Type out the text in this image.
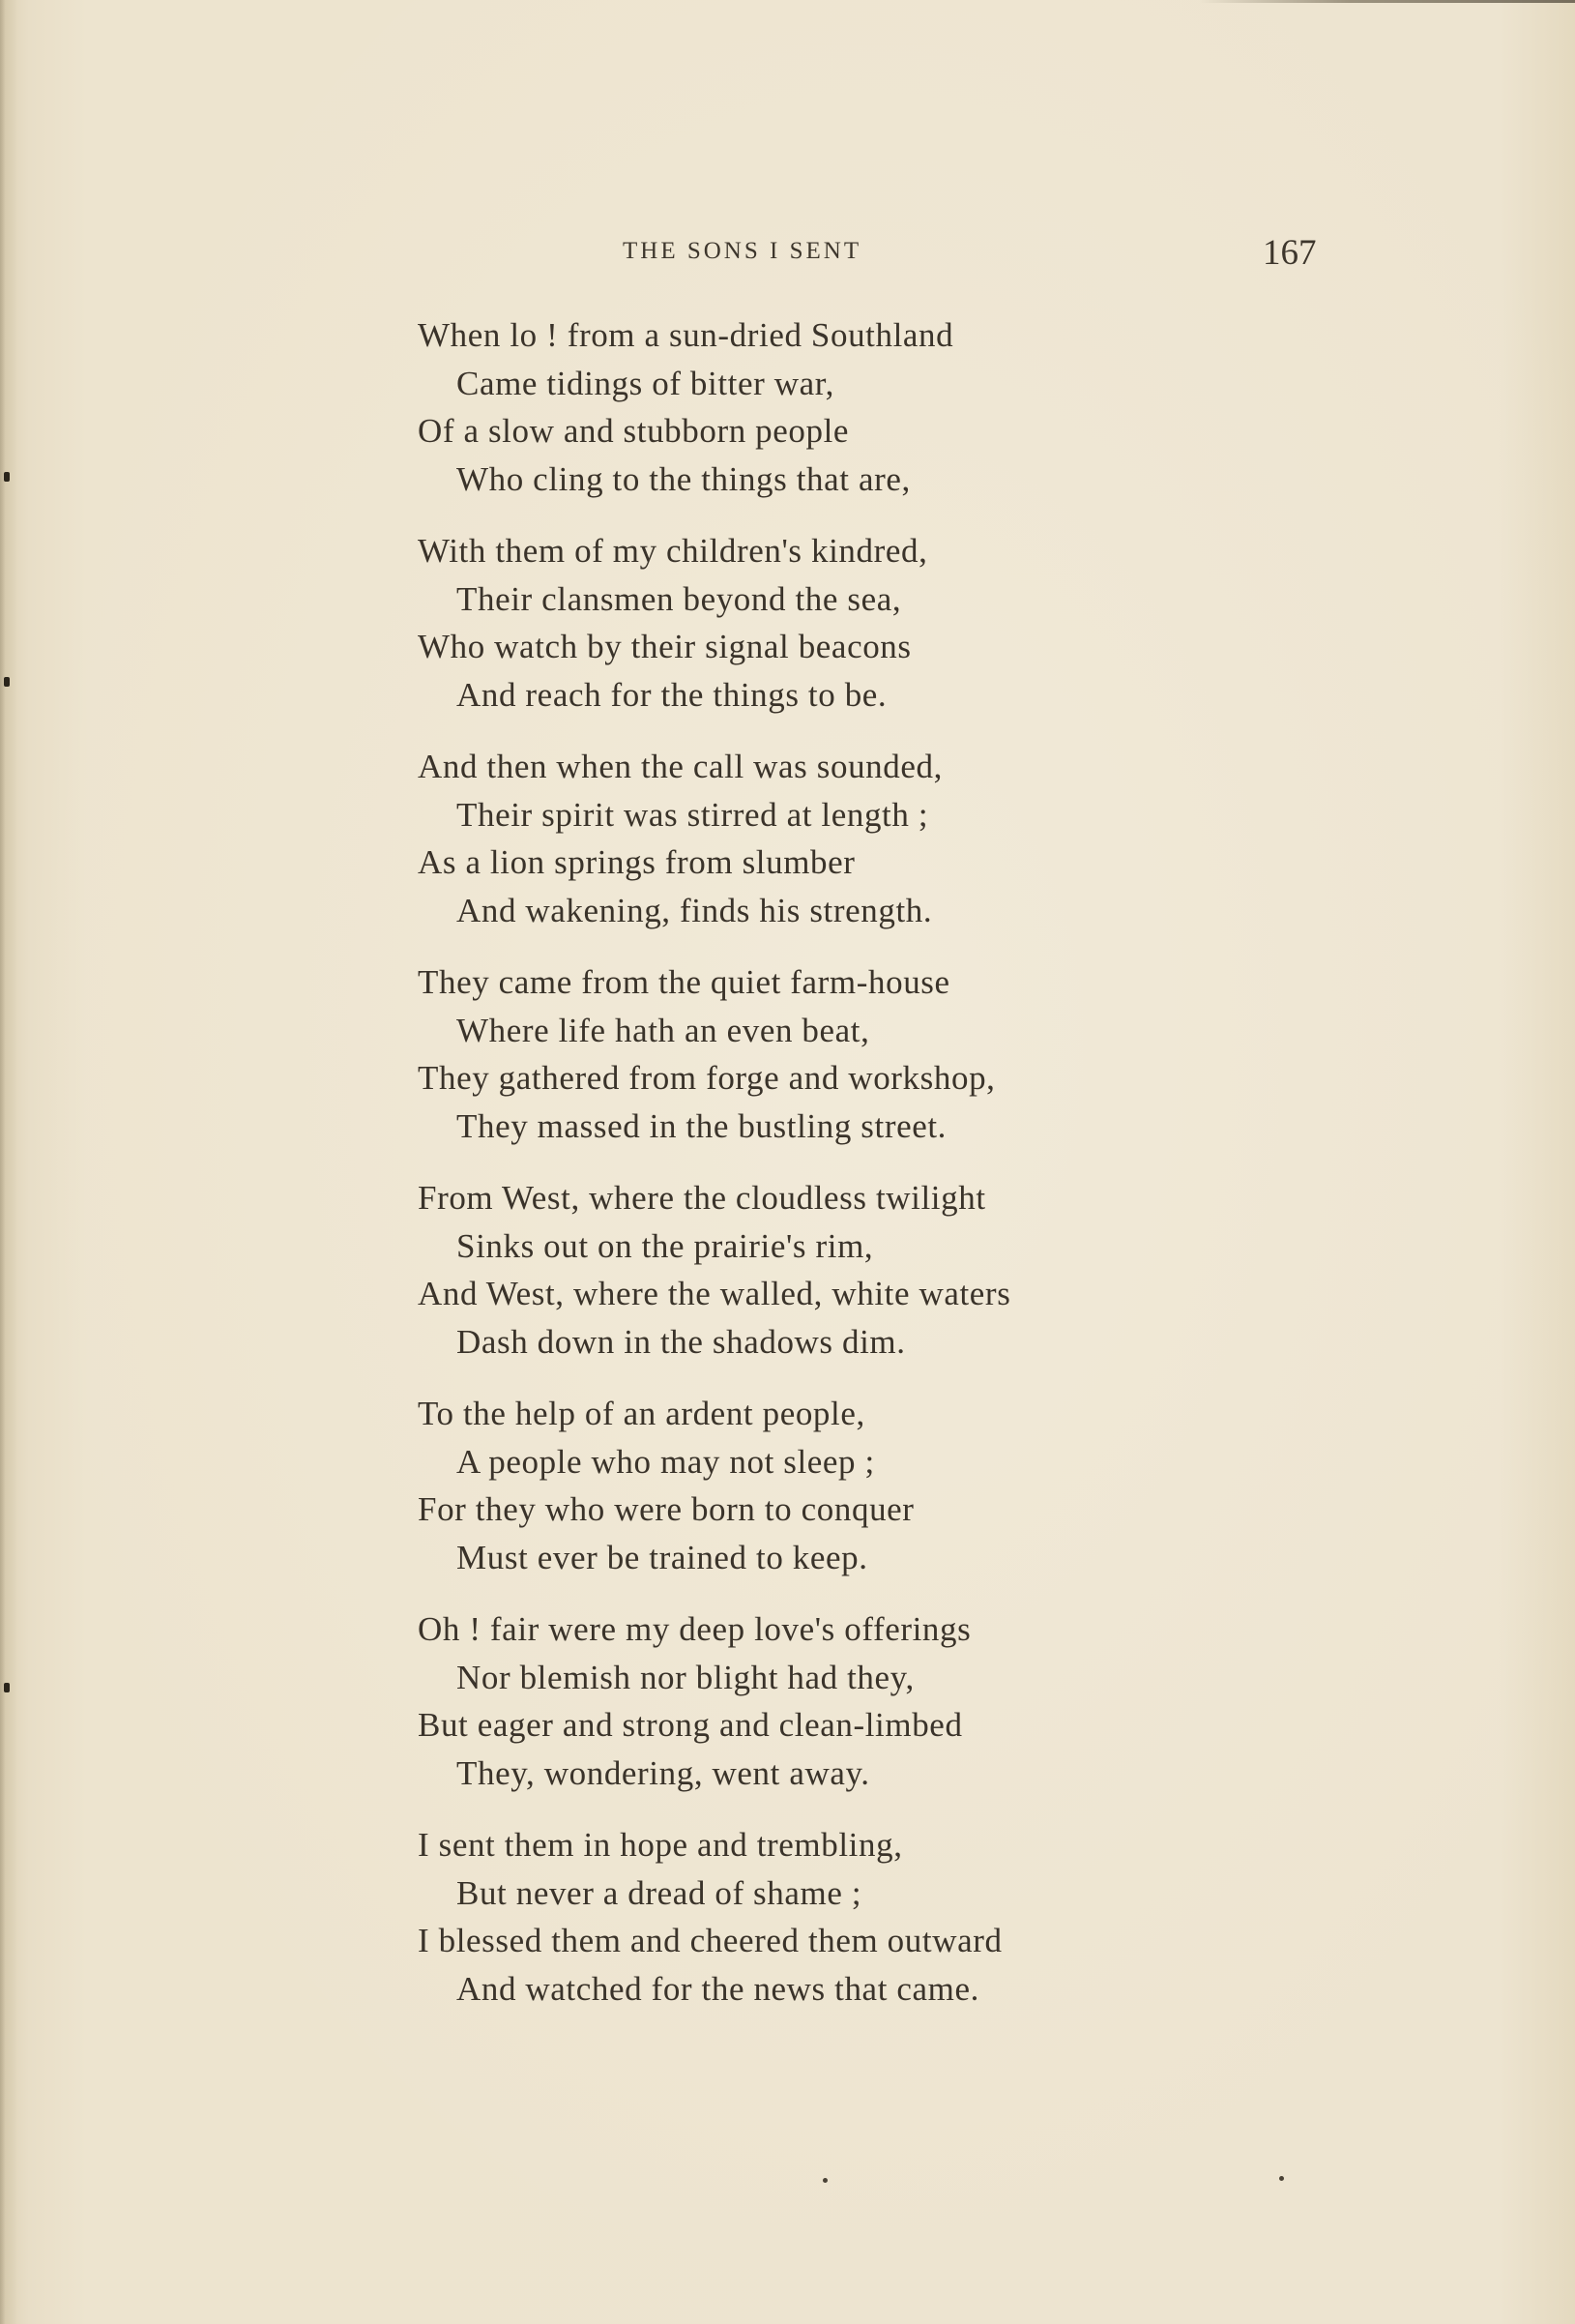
THE SONS I SENT	167
When lo ! from a sun-dried Southland
Came tidings of bitter war,
Of a slow and stubborn people
Who cling to the things that are,
With them of my children's kindred,
Their clansmen beyond the sea,
Who watch by their signal beacons
And reach for the things to be.
And then when the call was sounded,
Their spirit was stirred at length ;
As a lion springs from slumber
And wakening, finds his strength.
They came from the quiet farm-house
Where life hath an even beat,
They gathered from forge and workshop,
They massed in the bustling street.
From West, where the cloudless twilight
Sinks out on the prairie's rim,
And West, where the walled, white waters
Dash down in the shadows dim.
To the help of an ardent people,
A people who may not sleep ;
For they who were born to conquer
Must ever be trained to keep.
Oh ! fair were my deep love's offerings
Nor blemish nor blight had they,
But eager and strong and clean-limbed
They, wondering, went away.
I sent them in hope and trembling,
But never a dread of shame ;
I blessed them and cheered them outward
And watched for the news that came.
